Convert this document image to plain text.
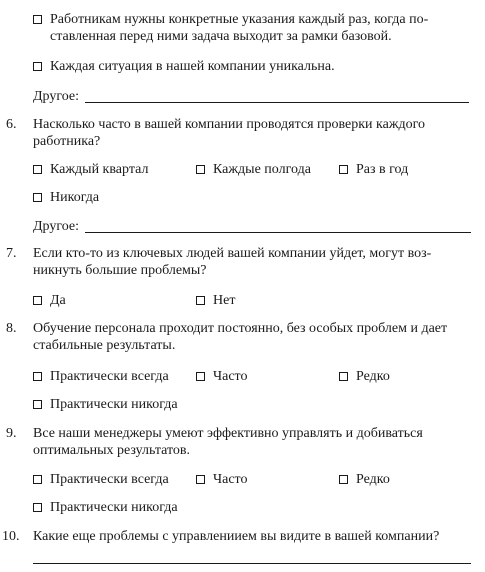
Работникам нужны конкретные указания каждый раз, когда по-
ставленная перед ними задача выходит за рамки базовой.
Каждая ситуация в нашей компании уникальна.
Другое:
6. Насколько часто в вашей компании проводятся проверки каждого
работника?
Каждый квартал	Каждые полгода	Раз в год
Никогда
Другое:
7. Если кто-то из ключевых людей вашей компании уйдет, могут воз-
никнуть большие проблемы?
Да	Нет
8. Обучение персонала проходит постоянно, без особых проблем и дает
стабильные результаты.
Практически всегда	Часто	Редко
Практически никогда
9. Все наши менеджеры умеют эффективно управлять и добиваться
оптимальных результатов.
Практически всегда	Часто	Редко
Практически никогда
10. Какие еще проблемы с управлениием вы видите в вашей компании?
